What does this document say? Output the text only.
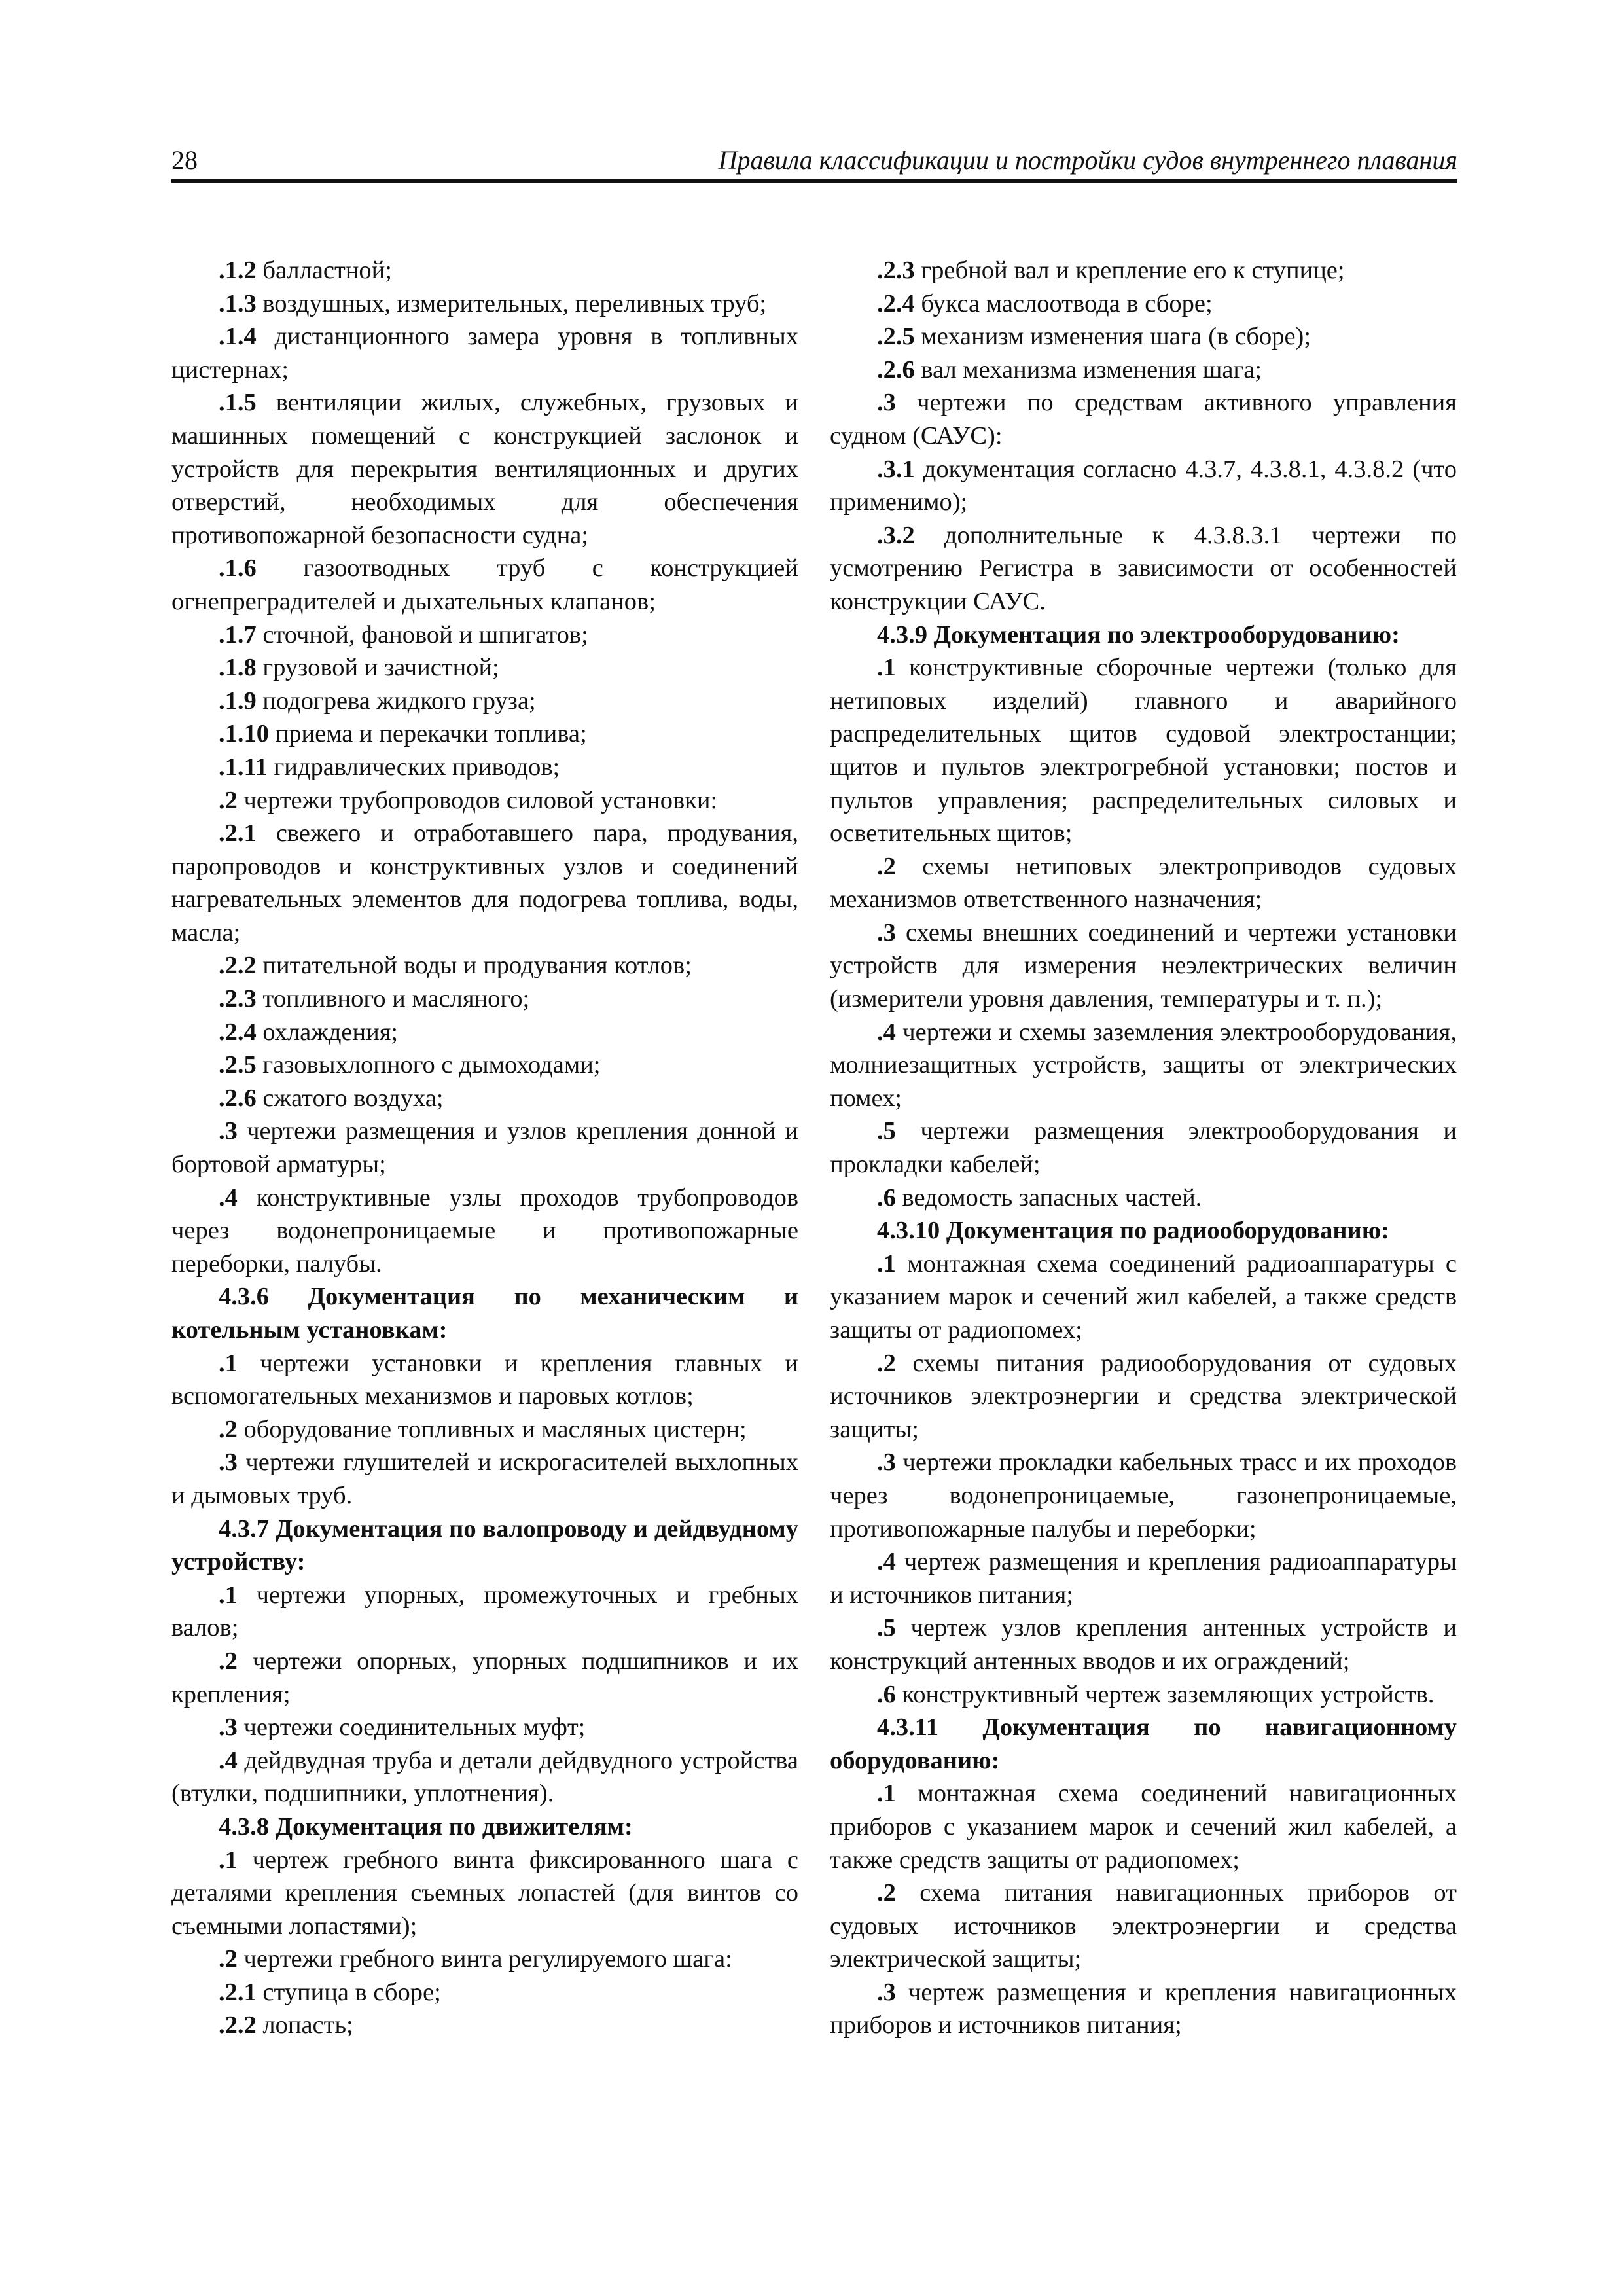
28	Правила классификации и постройки судов внутреннего плавания

.1.2 балластной;

.1.3 воздушных, измерительных, переливных труб;

.1.4 дистанционного замера уровня в топливных цистернах;

.1.5 вентиляции жилых, служебных, грузовых и машинных помещений с конструкцией заслонок и устройств для перекрытия вентиляционных и других отверстий, необходимых для обеспечения противопожарной безопасности судна;

.1.6 газоотводных труб с конструкцией огнепреградителей и дыхательных клапанов;

.1.7 сточной, фановой и шпигатов;

.1.8 грузовой и зачистной;

.1.9 подогрева жидкого груза;

.1.10 приема и перекачки топлива;

.1.11 гидравлических приводов;

.2 чертежи трубопроводов силовой установки:

.2.1 свежего и отработавшего пара, продувания, паропроводов и конструктивных узлов и соединений нагревательных элементов для подогрева топлива, воды, масла;

.2.2 питательной воды и продувания котлов;

.2.3 топливного и масляного;

.2.4 охлаждения;

.2.5 газовыхлопного с дымоходами;

.2.6 сжатого воздуха;

.3 чертежи размещения и узлов крепления донной и бортовой арматуры;

.4 конструктивные узлы проходов трубопроводов через водонепроницаемые и противопожарные переборки, палубы.

4.3.6 Документация по механическим и котельным установкам:

.1 чертежи установки и крепления главных и вспомогательных механизмов и паровых котлов;

.2 оборудование топливных и масляных цистерн;

.3 чертежи глушителей и искрогасителей выхлопных и дымовых труб.

4.3.7 Документация по валопроводу и дейдвудному устройству:

.1 чертежи упорных, промежуточных и гребных валов;

.2 чертежи опорных, упорных подшипников и их крепления;

.3 чертежи соединительных муфт;

.4 дейдвудная труба и детали дейдвудного устройства (втулки, подшипники, уплотнения).

4.3.8 Документация по движителям:

.1 чертеж гребного винта фиксированного шага с деталями крепления съемных лопастей (для винтов со съемными лопастями);

.2 чертежи гребного винта регулируемого шага:

.2.1 ступица в сборе;

.2.2 лопасть;

.2.3 гребной вал и крепление его к ступице;

.2.4 букса маслоотвода в сборе;

.2.5 механизм изменения шага (в сборе);

.2.6 вал механизма изменения шага;

.3 чертежи по средствам активного управления судном (САУС):

.3.1 документация согласно 4.3.7, 4.3.8.1, 4.3.8.2 (что применимо);

.3.2 дополнительные к 4.3.8.3.1 чертежи по усмотрению Регистра в зависимости от особенностей конструкции САУС.

4.3.9 Документация по электрооборудованию:

.1 конструктивные сборочные чертежи (только для нетиповых изделий) главного и аварийного распределительных щитов судовой электростанции; щитов и пультов электрогребной установки; постов и пультов управления; распределительных силовых и осветительных щитов;

.2 схемы нетиповых электроприводов судовых механизмов ответственного назначения;

.3 схемы внешних соединений и чертежи установки устройств для измерения неэлектрических величин (измерители уровня давления, температуры и т. п.);

.4 чертежи и схемы заземления электрооборудования, молниезащитных устройств, защиты от электрических помех;

.5 чертежи размещения электрооборудования и прокладки кабелей;

.6 ведомость запасных частей.

4.3.10 Документация по радиооборудованию:

.1 монтажная схема соединений радиоаппаратуры с указанием марок и сечений жил кабелей, а также средств защиты от радиопомех;

.2 схемы питания радиооборудования от судовых источников электроэнергии и средства электрической защиты;

.3 чертежи прокладки кабельных трасс и их проходов через водонепроницаемые, газонепроницаемые, противопожарные палубы и переборки;

.4 чертеж размещения и крепления радиоаппаратуры и источников питания;

.5 чертеж узлов крепления антенных устройств и конструкций антенных вводов и их ограждений;

.6 конструктивный чертеж заземляющих устройств.

4.3.11 Документация по навигационному оборудованию:

.1 монтажная схема соединений навигационных приборов с указанием марок и сечений жил кабелей, а также средств защиты от радиопомех;

.2 схема питания навигационных приборов от судовых источников электроэнергии и средства электрической защиты;

.3 чертеж размещения и крепления навигационных приборов и источников питания;
